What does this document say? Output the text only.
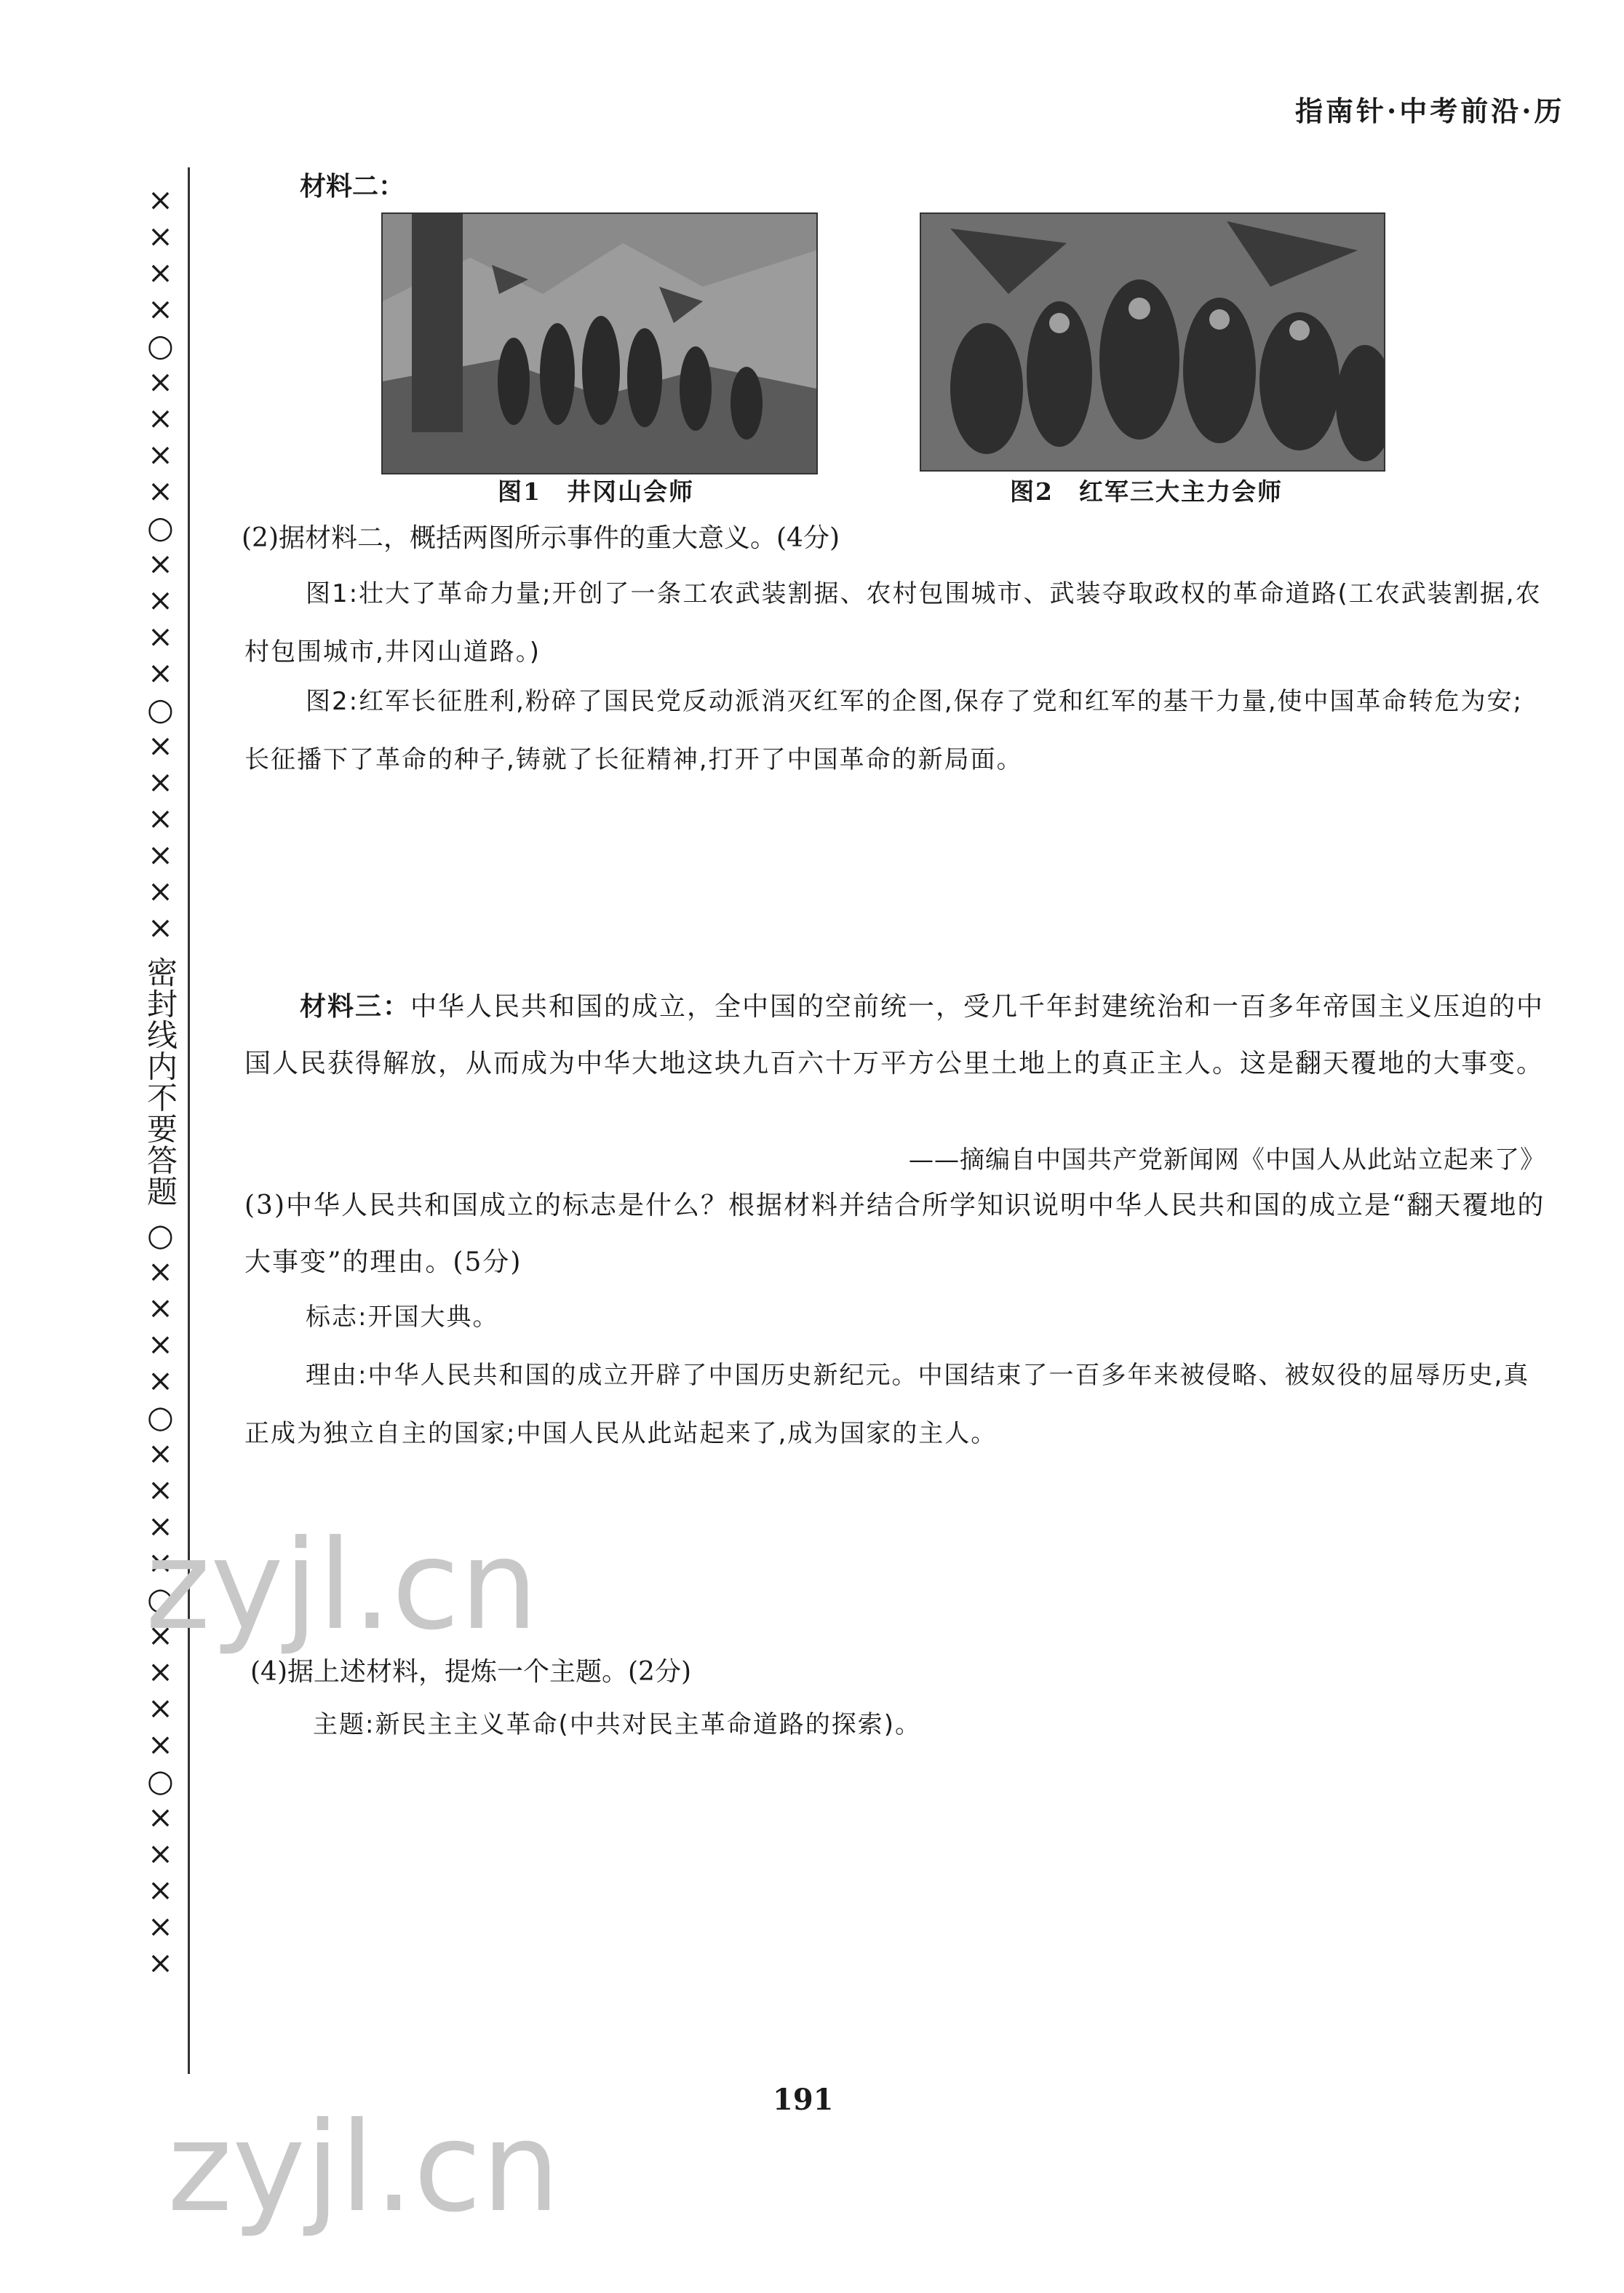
指南针·中考前沿·历
××××○××××○××××○×××××× 密封线内不要答题 ○××××○××××○××××○×××××	材料二：
图1　井冈山会师	图2　红军三大主力会师
(2)据材料二，概括两图所示事件的重大意义。(4分)
图1:壮大了革命力量;开创了一条工农武装割据、农村包围城市、武装夺取政权的革命道路(工农武装割据,农村包围城市,井冈山道路。)
图2:红军长征胜利,粉碎了国民党反动派消灭红军的企图,保存了党和红军的基干力量,使中国革命转危为安;长征播下了革命的种子,铸就了长征精神,打开了中国革命的新局面。
材料三：中华人民共和国的成立，全中国的空前统一，受几千年封建统治和一百多年帝国主义压迫的中国人民获得解放，从而成为中华大地这块九百六十万平方公里土地上的真正主人。这是翻天覆地的大事变。
——摘编自中国共产党新闻网《中国人从此站立起来了》
(3)中华人民共和国成立的标志是什么？根据材料并结合所学知识说明中华人民共和国的成立是“翻天覆地的大事变”的理由。(5分)
标志:开国大典。
理由:中华人民共和国的成立开辟了中国历史新纪元。中国结束了一百多年来被侵略、被奴役的屈辱历史,真正成为独立自主的国家;中国人民从此站起来了,成为国家的主人。
zyjl.cn
(4)据上述材料，提炼一个主题。(2分)
主题:新民主主义革命(中共对民主革命道路的探索)。
zyjl.cn	191
